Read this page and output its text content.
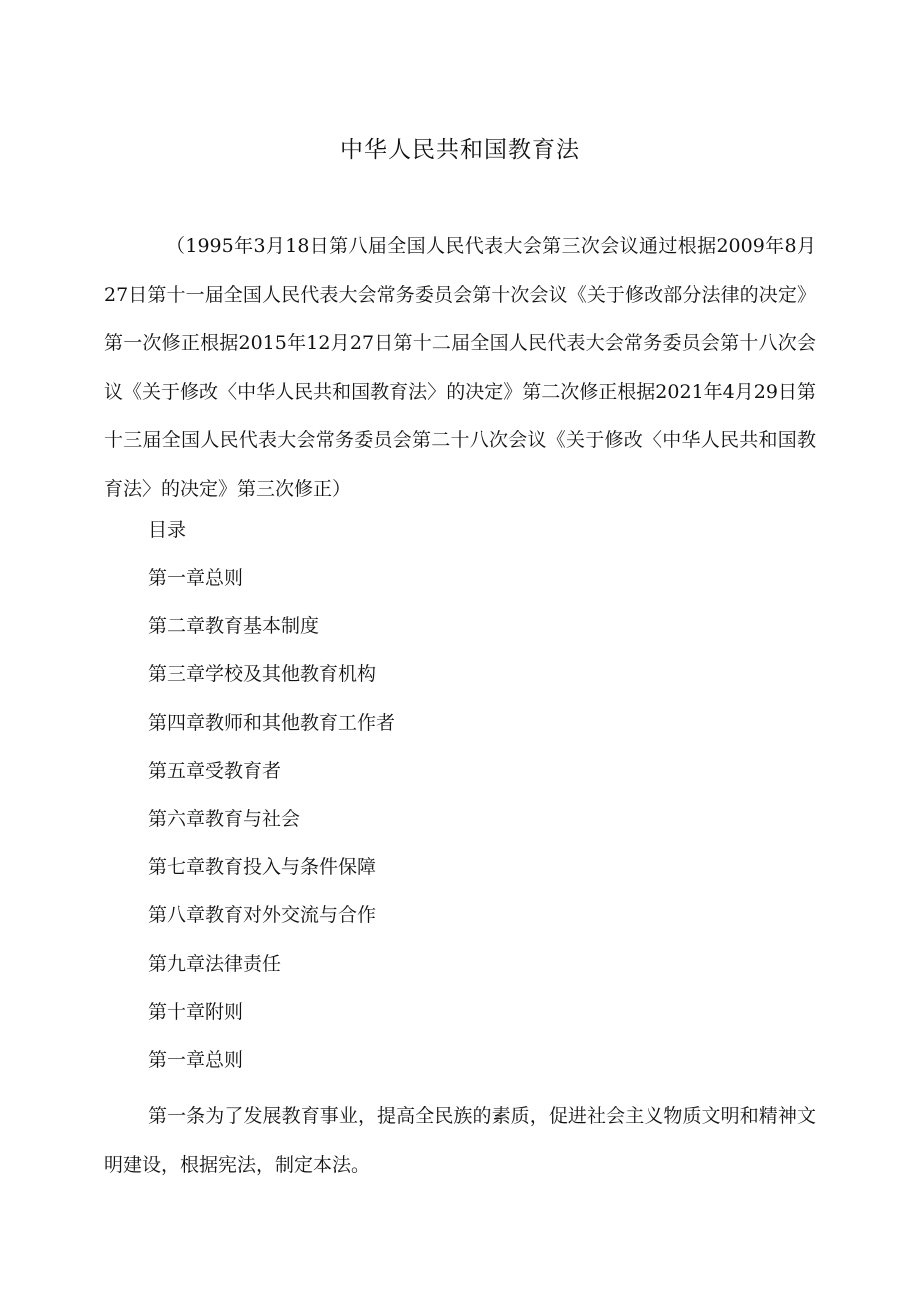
中华人民共和国教育法

（1995年3月18日第八届全国人民代表大会第三次会议通过根据2009年8月27日第十一届全国人民代表大会常务委员会第十次会议《关于修改部分法律的决定》第一次修正根据2015年12月27日第十二届全国人民代表大会常务委员会第十八次会议《关于修改〈中华人民共和国教育法〉的决定》第二次修正根据2021年4月29日第十三届全国人民代表大会常务委员会第二十八次会议《关于修改〈中华人民共和国教育法〉的决定》第三次修正）

目录
第一章总则
第二章教育基本制度
第三章学校及其他教育机构
第四章教师和其他教育工作者
第五章受教育者
第六章教育与社会
第七章教育投入与条件保障
第八章教育对外交流与合作
第九章法律责任
第十章附则
第一章总则

第一条为了发展教育事业，提高全民族的素质，促进社会主义物质文明和精神文明建设，根据宪法，制定本法。
